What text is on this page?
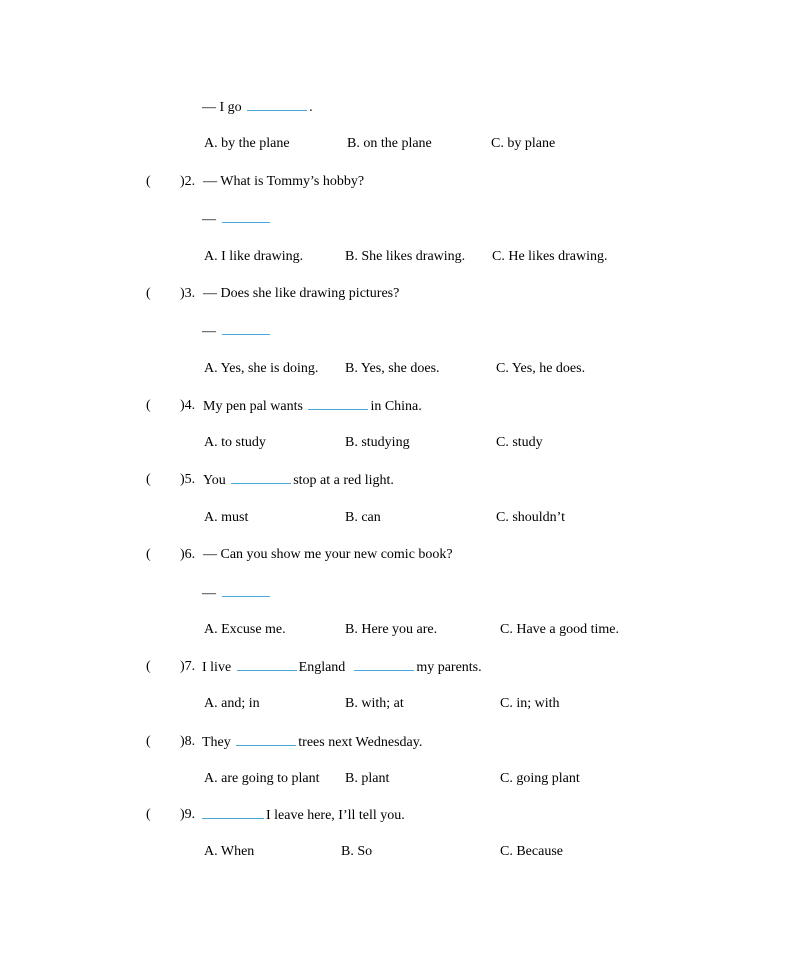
— I go	.
A. by the plane	B. on the plane	C. by plane
( )2. — What is Tommy’s hobby?
—
A. I like drawing.	B. She likes drawing. C. He likes drawing.
( )3. — Does she like drawing pictures?
—
A. Yes, she is doing. B. Yes, she does.	C. Yes, he does.
( )4. My pen pal wants	in China.
A. to study	B. studying	C. study
( )5. You	stop at a red light.
A. must	B. can	C. shouldn’t
( )6. — Can you show me your new comic book?
—
A. Excuse me.	B. Here you are.	C. Have a good time.
( )7. I live	England	my parents.
A. and; in	B. with; at	C. in; with
( )8. They	trees next Wednesday.
A. are going to plant B. plant	C. going plant
( )9.	I leave here, I’ll tell you.
A. When	B. So	C. Because
